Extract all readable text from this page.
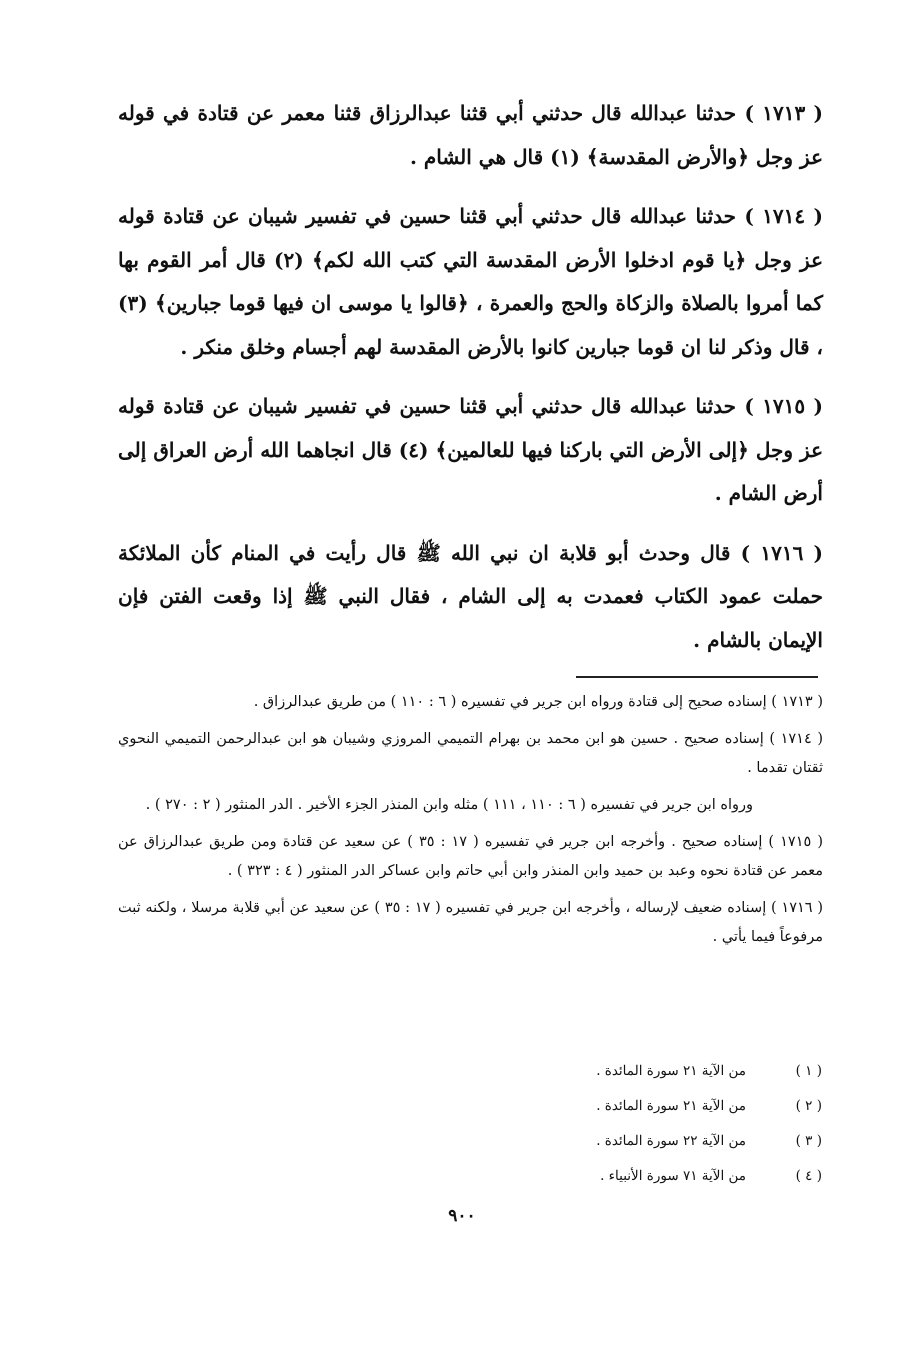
( ١٧١٣ ) حدثنا عبدالله قال حدثني أبي قثنا عبدالرزاق قثنا معمر عن قتادة في قوله عز وجل ﴿والأرض المقدسة﴾ (١) قال هي الشام .

( ١٧١٤ ) حدثنا عبدالله قال حدثني أبي قثنا حسين في تفسير شيبان عن قتادة قوله عز وجل ﴿يا قوم ادخلوا الأرض المقدسة التي كتب الله لكم﴾ (٢) قال أمر القوم بها كما أمروا بالصلاة والزكاة والحج والعمرة ، ﴿قالوا يا موسى ان فيها قوما جبارين﴾ (٣) ، قال وذكر لنا ان قوما جبارين كانوا بالأرض المقدسة لهم أجسام وخلق منكر .

( ١٧١٥ ) حدثنا عبدالله قال حدثني أبي قثنا حسين في تفسير شيبان عن قتادة قوله عز وجل ﴿إلى الأرض التي باركنا فيها للعالمين﴾ (٤) قال انجاهما الله أرض العراق إلى أرض الشام .

( ١٧١٦ ) قال وحدث أبو قلابة ان نبي الله ﷺ قال رأيت في المنام كأن الملائكة حملت عمود الكتاب فعمدت به إلى الشام ، فقال النبي ﷺ إذا وقعت الفتن فإن الإيمان بالشام .

( ١٧١٣ ) إسناده صحيح إلى قتادة ورواه ابن جرير في تفسيره ( ٦ : ١١٠ ) من طريق عبدالرزاق .

( ١٧١٤ ) إسناده صحيح . حسين هو ابن محمد بن بهرام التميمي المروزي وشيبان هو ابن عبدالرحمن التميمي النحوي ثقتان تقدما .

ورواه ابن جرير في تفسيره ( ٦ : ١١٠ ، ١١١ ) مثله وابن المنذر الجزء الأخير . الدر المنثور ( ٢ : ٢٧٠ ) .

( ١٧١٥ ) إسناده صحيح . وأخرجه ابن جرير في تفسيره ( ١٧ : ٣٥ ) عن سعيد عن قتادة ومن طريق عبدالرزاق عن معمر عن قتادة نحوه وعبد بن حميد وابن المنذر وابن أبي حاتم وابن عساكر الدر المنثور ( ٤ : ٣٢٣ ) .

( ١٧١٦ ) إسناده ضعيف لإرساله ، وأخرجه ابن جرير في تفسيره ( ١٧ : ٣٥ ) عن سعيد عن أبي قلابة مرسلا ، ولكنه ثبت مرفوعاً فيما يأتي .

( ١ )من الآية ٢١ سورة المائدة .
( ٢ )من الآية ٢١ سورة المائدة .
( ٣ )من الآية ٢٢ سورة المائدة .
( ٤ )من الآية ٧١ سورة الأنبياء .
٩٠٠
